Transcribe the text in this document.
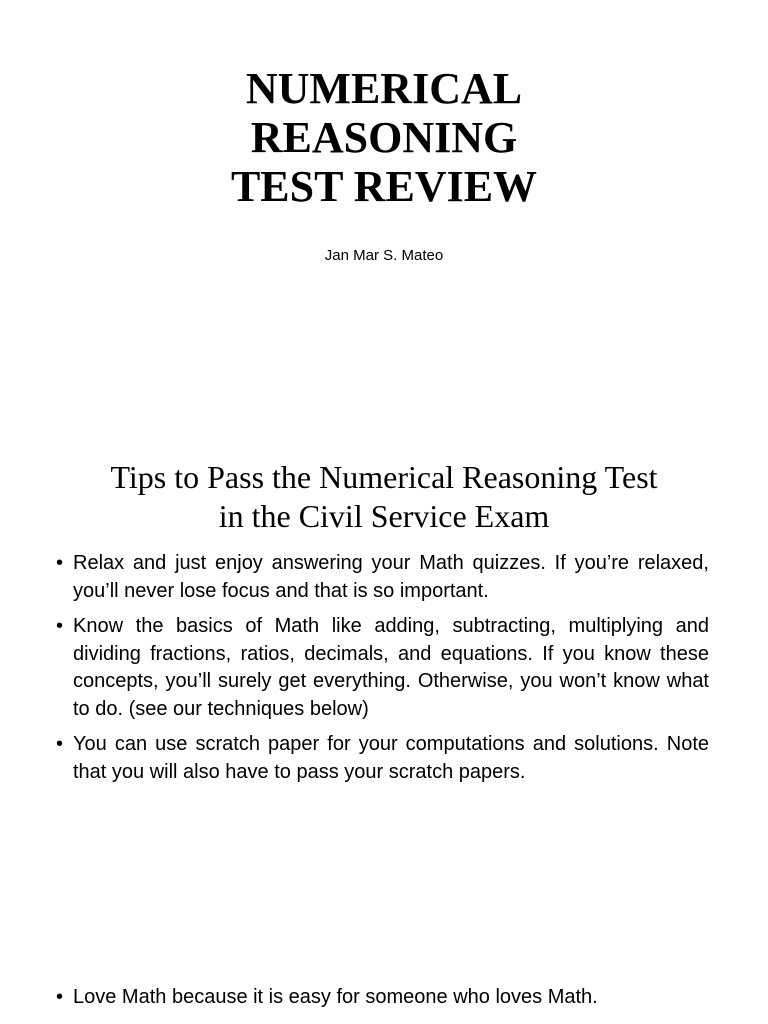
NUMERICAL
REASONING
TEST REVIEW
Jan Mar S. Mateo
Tips to Pass the Numerical Reasoning Test
in the Civil Service Exam
• Relax and just enjoy answering your Math quizzes. If you’re relaxed, you’ll never lose focus and that is so important.
• Know the basics of Math like adding, subtracting, multiplying and dividing fractions, ratios, decimals, and equations. If you know these concepts, you’ll surely get everything. Otherwise, you won’t know what to do. (see our techniques below)
• You can use scratch paper for your computations and solutions. Note that you will also have to pass your scratch papers.
• Love Math because it is easy for someone who loves Math.
